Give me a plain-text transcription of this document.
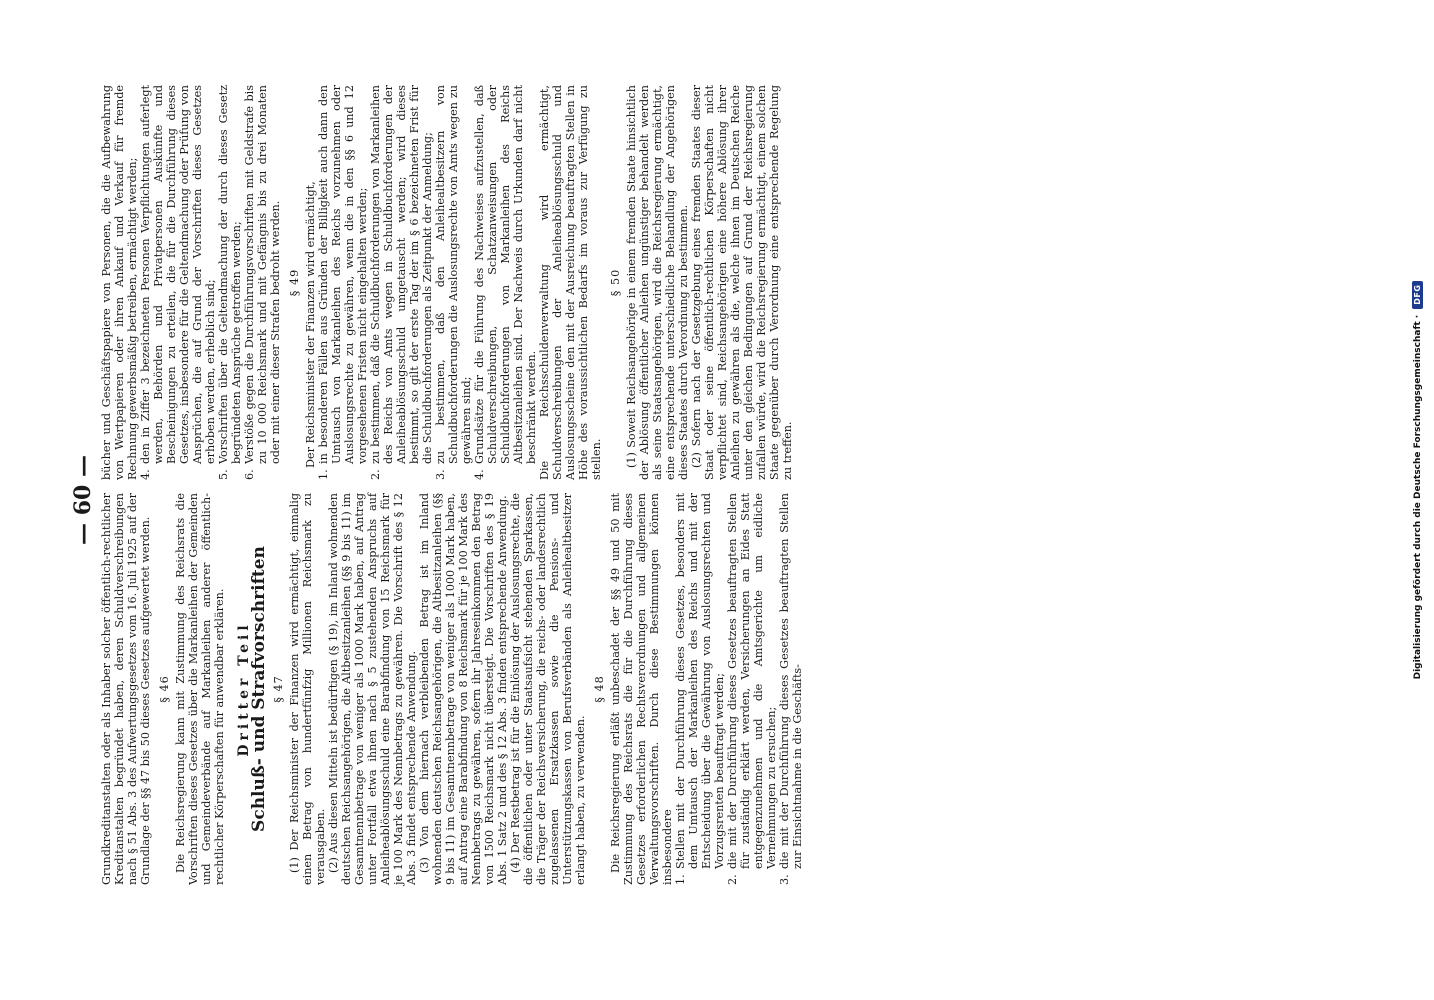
— 60 — Grundkreditanstalten oder als Inhaber solcher öffentlich-rechtlicher Kreditanstalten begründet haben, deren Schuldverschreibungen nach § 51 Abs. 3 des Aufwertungsgesetzes vom 16. Juli 1925 auf der Grundlage der §§ 47 bis 50 dieses Gesetzes aufgewertet werden. § 46 Die Reichsregierung kann mit Zustimmung des Reichsrats die Vorschriften dieses Gesetzes über die Markanleihen der Gemeinden und Gemeindeverbände auf Markanleihen anderer öffentlich-rechtlicher Körperschaften für anwendbar erklären. Dritter Teil
Schluß- und Strafvorschriften § 47 (1) Der Reichsminister der Finanzen wird ermächtigt, einmalig einen Betrag von hundertfünfzig Millionen Reichsmark zu verausgaben. (2) Aus diesen Mitteln ist bedürftigen (§ 19), im Inland wohnenden deutschen Reichsangehörigen, die Altbesitzanleihen (§§ 9 bis 11) im Gesamtnennbetrage von weniger als 1000 Mark haben, auf Antrag unter Fortfall etwa ihnen nach § 5 zustehenden Anspruchs auf Anleiheablösungsschuld eine Barabfindung von 15 Reichsmark für je 100 Mark des Nennbetrags zu gewähren. Die Vorschrift des § 12 Abs. 3 findet entsprechende Anwendung. (3) Von dem hiernach verbleibenden Betrag ist im Inland wohnenden deutschen Reichsangehörigen, die Altbesitzanleihen (§§ 9 bis 11) im Gesamtnennbetrage von weniger als 1000 Mark haben, auf Antrag eine Barabfindung von 8 Reichsmark für je 100 Mark des Nennbetrags zu gewähren, sofern ihr Jahreseinkommen den Betrag von 1500 Reichsmark nicht übersteigt. Die Vorschriften des § 19 Abs. 1 Satz 2 und des § 12 Abs. 3 finden entsprechende Anwendung. (4) Der Restbetrag ist für die Einlösung der Auslosungsrechte, die die öffentlichen oder unter Staatsaufsicht stehenden Sparkassen, die Träger der Reichsversicherung, die reichs- oder landesrechtlich zugelassenen Ersatzkassen sowie die Pensions- und Unterstützungskassen von Berufsverbänden als Anleihealtbesitzer erlangt haben, zu verwenden.

§ 48 Die Reichsregierung erläßt unbeschadet der §§ 49 und 50 mit Zustimmung des Reichsrats die für die Durchführung dieses Gesetzes erforderlichen Rechtsverordnungen und allgemeinen Verwaltungsvorschriften. Durch diese Bestimmungen können insbesondere 1.
Stellen mit der Durchführung dieses Gesetzes, besonders mit dem Umtausch der Markanleihen des Reichs und mit der Entscheidung über die Gewährung von Auslosungsrechten und Vorzugsrenten beauftragt werden;
2.
die mit der Durchführung dieses Gesetzes beauftragten Stellen für zuständig erklärt werden, Versicherungen an Eides Statt entgegenzunehmen und die Amtsgerichte um eidliche Vernehmungen zu ersuchen;
3.
die mit der Durchführung dieses Gesetzes beauftragten Stellen zur Einsichtnahme in die Geschäfts-

bücher und Geschäftspapiere von Personen, die die Aufbewahrung von Wertpapieren oder ihren Ankauf und Verkauf für fremde Rechnung gewerbsmäßig betreiben, ermächtigt werden; 4.
den in Ziffer 3 bezeichneten Personen Verpflichtungen auferlegt werden, Behörden und Privatpersonen Auskünfte und Bescheinigungen zu erteilen, die für die Durchführung dieses Gesetzes, insbesondere für die Geltendmachung oder Prüfung von Ansprüchen, die auf Grund der Vorschriften dieses Gesetzes erhoben werden, erheblich sind;
5.
Vorschriften über die Geltendmachung der durch dieses Gesetz begründeten Ansprüche getroffen werden;
6.
Verstöße gegen die Durchführungsvorschriften mit Geldstrafe bis zu 10 000 Reichsmark und mit Gefängnis bis zu drei Monaten oder mit einer dieser Strafen bedroht werden. § 49 Der Reichsminister der Finanzen wird ermächtigt,

1.
in besonderen Fällen aus Gründen der Billigkeit auch dann den Umtausch von Markanleihen des Reichs vorzunehmen oder Auslosungsrechte zu gewähren, wenn die in den §§ 6 und 12 vorgesehenen Fristen nicht eingehalten werden;
2.
zu bestimmen, daß die Schuldbuchforderungen von Markanleihen des Reichs von Amts wegen in Schuldbuchforderungen der Anleiheablösungsschuld umgetauscht werden; wird dieses bestimmt, so gilt der erste Tag der im § 6 bezeichneten Frist für die Schuldbuchforderungen als Zeitpunkt der Anmeldung;
3.
zu bestimmen, daß den Anleihealtbesitzern von Schuldbuchforderungen die Auslosungsrechte von Amts wegen zu gewähren sind;
4.
Grundsätze für die Führung des Nachweises aufzustellen, daß Schuldverschreibungen, Schatzanweisungen oder Schuldbuchforderungen von Markanleihen des Reichs Altbesitzanleihen sind. Der Nachweis durch Urkunden darf nicht beschränkt werden. Die Reichsschuldenverwaltung wird ermächtigt, Schuldverschreibungen der Anleiheablösungsschuld und Auslosungsscheine den mit der Ausreichung beauftragten Stellen in Höhe des voraussichtlichen Bedarfs im voraus zur Verfügung zu stellen.

§ 50 (1) Soweit Reichsangehörige in einem fremden Staate hinsichtlich der Ablösung öffentlicher Anleihen ungünstiger behandelt werden als seine Staatsangehörigen, wird die Reichsregierung ermächtigt, eine entsprechende unterschiedliche Behandlung der Angehörigen dieses Staates durch Verordnung zu bestimmen. (2) Sofern nach der Gesetzgebung eines fremden Staates dieser Staat oder seine öffentlich-rechtlichen Körperschaften nicht verpflichtet sind, Reichsangehörigen eine höhere Ablösung ihrer Anleihen zu gewähren als die, welche ihnen im Deutschen Reiche unter den gleichen Bedingungen auf Grund der Reichsregierung zufallen würde, wird die Reichsregierung ermächtigt, einem solchen Staate gegenüber durch Verordnung eine entsprechende Regelung zu treffen.	Digitalisierung gefördert durch die Deutsche Forschungsgemeinschaft ·
DFG
